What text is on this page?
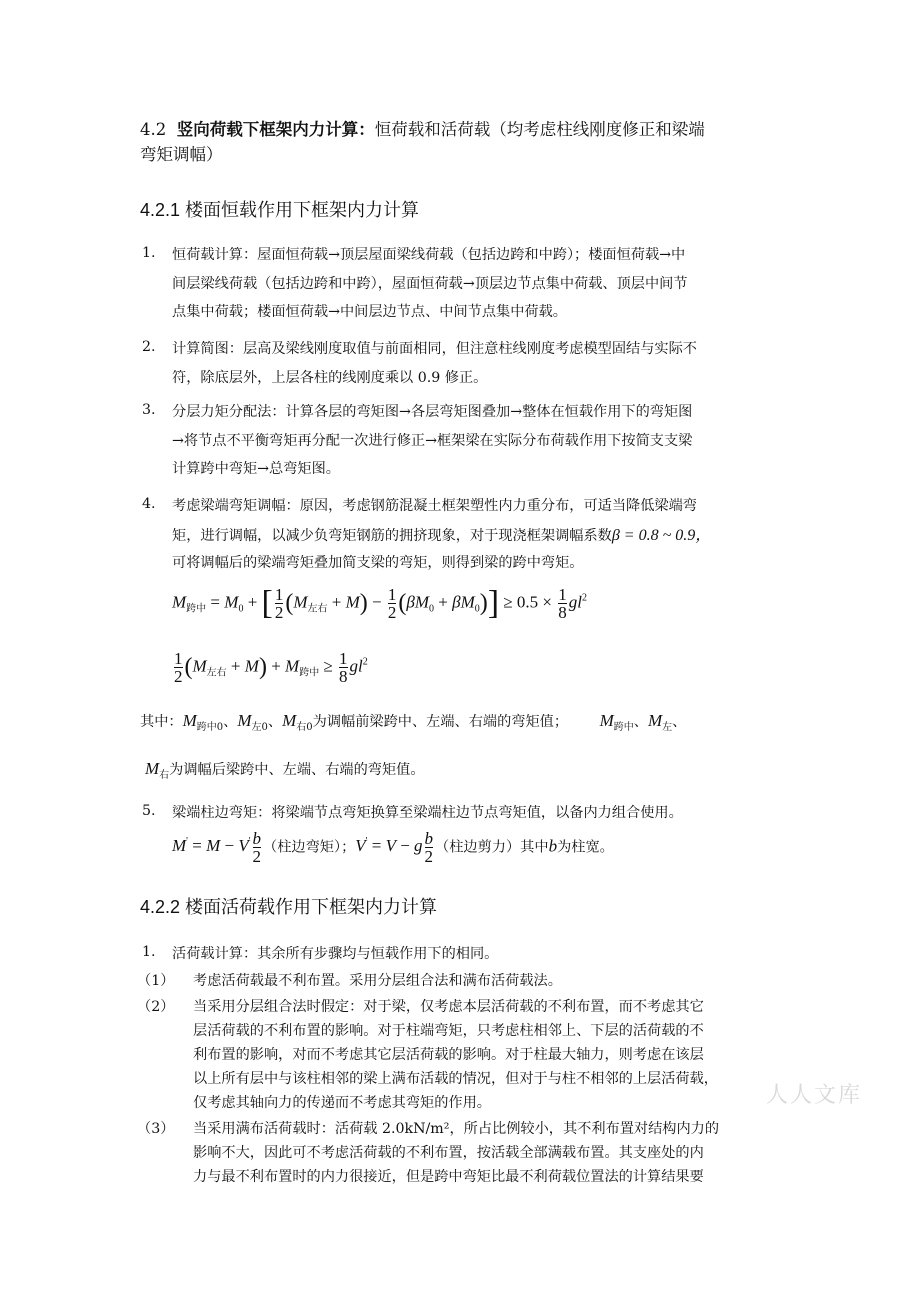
4.2 竖向荷载下框架内力计算：恒荷载和活荷载（均考虑柱线刚度修正和梁端
弯矩调幅）
4.2.1 楼面恒载作用下框架内力计算
1. 恒荷载计算：屋面恒荷载→顶层屋面梁线荷载（包括边跨和中跨）；楼面恒荷载→中
间层梁线荷载（包括边跨和中跨），屋面恒荷载→顶层边节点集中荷载、顶层中间节
点集中荷载；楼面恒荷载→中间层边节点、中间节点集中荷载。
2. 计算简图：层高及梁线刚度取值与前面相同，但注意柱线刚度考虑模型固结与实际不
符，除底层外，上层各柱的线刚度乘以 0.9 修正。
3. 分层力矩分配法：计算各层的弯矩图→各层弯矩图叠加→整体在恒载作用下的弯矩图
→将节点不平衡弯矩再分配一次进行修正→框架梁在实际分布荷载作用下按简支支梁
计算跨中弯矩→总弯矩图。
4. 考虑梁端弯矩调幅：原因，考虑钢筋混凝土框架塑性内力重分布，可适当降低梁端弯
矩，进行调幅，以减少负弯矩钢筋的拥挤现象，对于现浇框架调幅系数β = 0.8 ~ 0.9，
可将调幅后的梁端弯矩叠加简支梁的弯矩，则得到梁的跨中弯矩。
$M_{跨中} = M_0$ + [ $\frac{1}{2} (M_{左右} + M) - \frac{1}{2} (\beta M_0 + \beta M_0)] \ge 0.5 \times \frac{1}{8} gl^2$
$\frac{1}{2} (M_{左右} + M) + M_{跨中} \ge \frac{1}{8} gl^2$
其中：$M_{跨中0}$、$M_{左0}$、$M_{右0}$为调幅前梁跨中、左端、右端的弯矩值； $M_{跨中}$、$M_左$、
$M_右$为调幅后梁跨中、左端、右端的弯矩值。
5. 梁端柱边弯矩：将梁端节点弯矩换算至梁端柱边节点弯矩值，以备内力组合使用。
$M' = M - V' \frac{b}{2}$ （柱边弯矩）；V' = V − g $\frac{b}{2}$ （柱边剪力）其中b为柱宽。
4.2.2 楼面活荷载作用下框架内力计算
1. 活荷载计算：其余所有步骤均与恒载作用下的相同。
（1） 考虑活荷载最不利布置。采用分层组合法和满布活荷载法。
（2） 当采用分层组合法时假定：对于梁，仅考虑本层活荷载的不利布置，而不考虑其它
层活荷载的不利布置的影响。对于柱端弯矩，只考虑柱相邻上、下层的活荷载的不
利布置的影响，对而不考虑其它层活荷载的影响。对于柱最大轴力，则考虑在该层
以上所有层中与该柱相邻的梁上满布活载的情况，但对于与柱不相邻的上层活荷载，
仅考虑其轴向力的传递而不考虑其弯矩的作用。
（3） 当采用满布活荷载时：活荷载 2.0kN/m²，所占比例较小，其不利布置对结构内力的
影响不大，因此可不考虑活荷载的不利布置，按活载全部满载布置。其支座处的内
力与最不利布置时的内力很接近，但是跨中弯矩比最不利荷载位置法的计算结果要
人人文库
